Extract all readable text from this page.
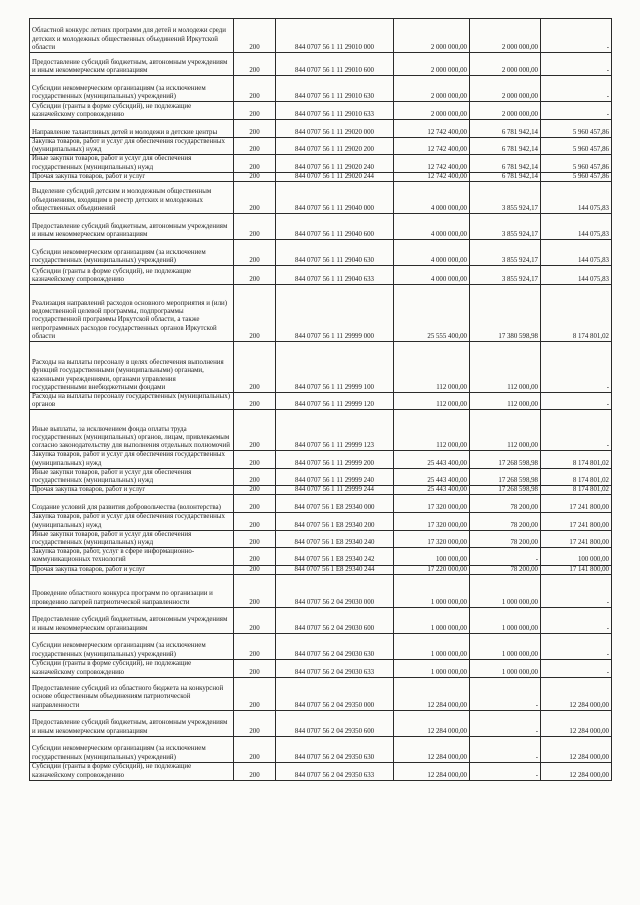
Областной конкурс летних программ для детей и молодежи среди детских и молодежных общественных объединений Иркутской области	200	844 0707 56 1 11 29010 000	2 000 000,00	2 000 000,00	-
Предоставление субсидий бюджетным, автономным учреждениям и иным некоммерческим организациям	200	844 0707 56 1 11 29010 600	2 000 000,00	2 000 000,00	-
Субсидии некоммерческим организациям (за исключением государственных (муниципальных) учреждений)	200	844 0707 56 1 11 29010 630	2 000 000,00	2 000 000,00	-
Субсидии (гранты в форме субсидий), не подлежащие казначейскому сопровождению	200	844 0707 56 1 11 29010 633	2 000 000,00	2 000 000,00	-
Направление талантливых детей и молодежи в детские центры	200	844 0707 56 1 11 29020 000	12 742 400,00	6 781 942,14	5 960 457,86
Закупка товаров, работ и услуг для обеспечения государственных (муниципальных) нужд	200	844 0707 56 1 11 29020 200	12 742 400,00	6 781 942,14	5 960 457,86
Иные закупки товаров, работ и услуг для обеспечения государственных (муниципальных) нужд	200	844 0707 56 1 11 29020 240	12 742 400,00	6 781 942,14	5 960 457,86
Прочая закупка товаров, работ и услуг	200	844 0707 56 1 11 29020 244	12 742 400,00	6 781 942,14	5 960 457,86
Выделение субсидий детским и молодежным общественным объединениям, входящим в реестр детских и молодежных общественных объединений	200	844 0707 56 1 11 29040 000	4 000 000,00	3 855 924,17	144 075,83
Предоставление субсидий бюджетным, автономным учреждениям и иным некоммерческим организациям	200	844 0707 56 1 11 29040 600	4 000 000,00	3 855 924,17	144 075,83
Субсидии некоммерческим организациям (за исключением государственных (муниципальных) учреждений)	200	844 0707 56 1 11 29040 630	4 000 000,00	3 855 924,17	144 075,83
Субсидии (гранты в форме субсидий), не подлежащие казначейскому сопровождению	200	844 0707 56 1 11 29040 633	4 000 000,00	3 855 924,17	144 075,83
Реализация направлений расходов основного мероприятия и (или) ведомственной целевой программы, подпрограммы государственной программы Иркутской области, а также непрограммных расходов государственных органов Иркутской области	200	844 0707 56 1 11 29999 000	25 555 400,00	17 380 598,98	8 174 801,02
Расходы на выплаты персоналу в целях обеспечения выполнения функций государственными (муниципальными) органами, казенными учреждениями, органами управления государственными внебюджетными фондами	200	844 0707 56 1 11 29999 100	112 000,00	112 000,00	-
Расходы на выплаты персоналу государственных (муниципальных) органов	200	844 0707 56 1 11 29999 120	112 000,00	112 000,00	-
Иные выплаты, за исключением фонда оплаты труда государственных (муниципальных) органов, лицам, привлекаемым согласно законодательству для выполнения отдельных полномочий	200	844 0707 56 1 11 29999 123	112 000,00	112 000,00	-
Закупка товаров, работ и услуг для обеспечения государственных (муниципальных) нужд	200	844 0707 56 1 11 29999 200	25 443 400,00	17 268 598,98	8 174 801,02
Иные закупки товаров, работ и услуг для обеспечения государственных (муниципальных) нужд	200	844 0707 56 1 11 29999 240	25 443 400,00	17 268 598,98	8 174 801,02
Прочая закупка товаров, работ и услуг	200	844 0707 56 1 11 29999 244	25 443 400,00	17 268 598,98	8 174 801,02
Создание условий для развития добровольчества (волонтерства)	200	844 0707 56 1 E8 29340 000	17 320 000,00	78 200,00	17 241 800,00
Закупка товаров, работ и услуг для обеспечения государственных (муниципальных) нужд	200	844 0707 56 1 E8 29340 200	17 320 000,00	78 200,00	17 241 800,00
Иные закупки товаров, работ и услуг для обеспечения государственных (муниципальных) нужд	200	844 0707 56 1 E8 29340 240	17 320 000,00	78 200,00	17 241 800,00
Закупка товаров, работ, услуг в сфере информационно-коммуникационных технологий	200	844 0707 56 1 E8 29340 242	100 000,00	-	100 000,00
Прочая закупка товаров, работ и услуг	200	844 0707 56 1 E8 29340 244	17 220 000,00	78 200,00	17 141 800,00
Проведение областного конкурса программ по организации и проведению лагерей патриотической направленности	200	844 0707 56 2 04 29030 000	1 000 000,00	1 000 000,00	-
Предоставление субсидий бюджетным, автономным учреждениям и иным некоммерческим организациям	200	844 0707 56 2 04 29030 600	1 000 000,00	1 000 000,00	-
Субсидии некоммерческим организациям (за исключением государственных (муниципальных) учреждений)	200	844 0707 56 2 04 29030 630	1 000 000,00	1 000 000,00	-
Субсидии (гранты в форме субсидий), не подлежащие казначейскому сопровождению	200	844 0707 56 2 04 29030 633	1 000 000,00	1 000 000,00	-
Предоставление субсидий из областного бюджета на конкурсной основе общественным объединениям патриотической направленности	200	844 0707 56 2 04 29350 000	12 284 000,00	-	12 284 000,00
Предоставление субсидий бюджетным, автономным учреждениям и иным некоммерческим организациям	200	844 0707 56 2 04 29350 600	12 284 000,00	-	12 284 000,00
Субсидии некоммерческим организациям (за исключением государственных (муниципальных) учреждений)	200	844 0707 56 2 04 29350 630	12 284 000,00	-	12 284 000,00
Субсидии (гранты в форме субсидий), не подлежащие казначейскому сопровождению	200	844 0707 56 2 04 29350 633	12 284 000,00	-	12 284 000,00
